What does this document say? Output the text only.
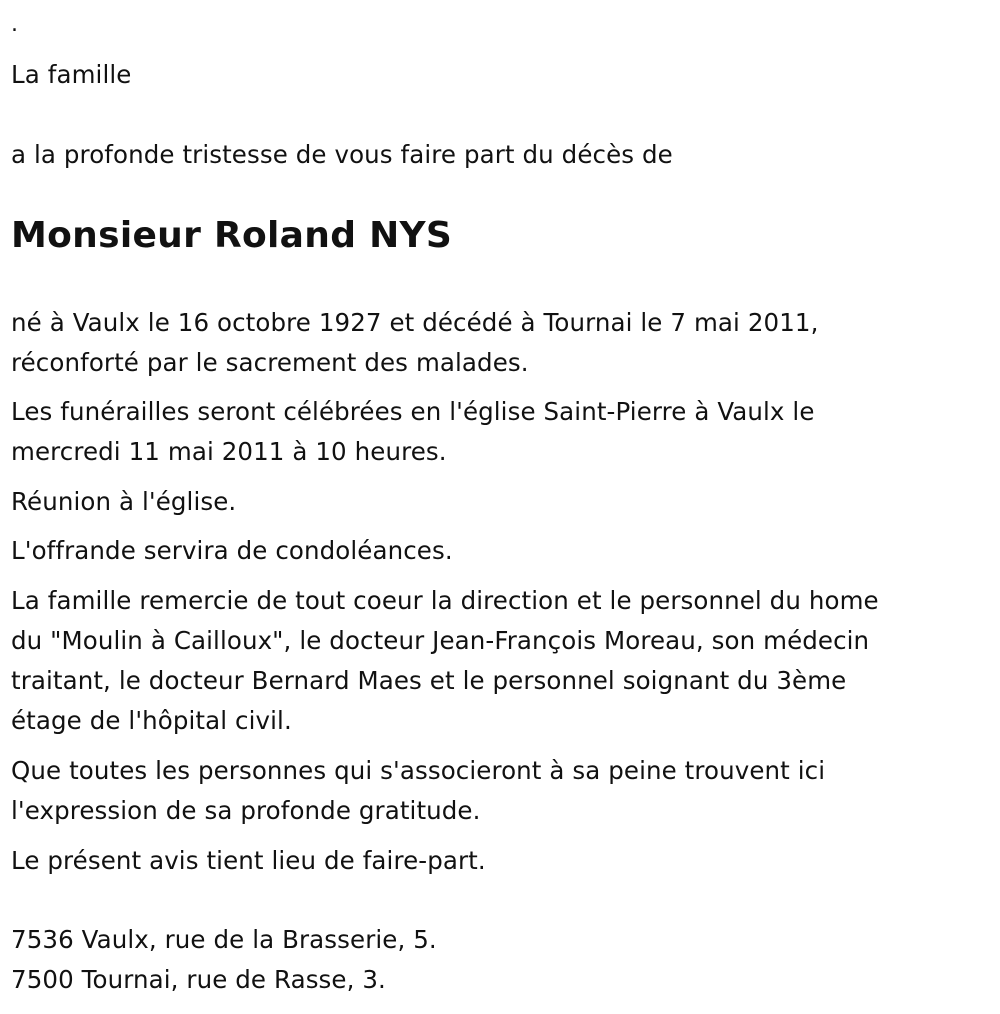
.
La famille
a la profonde tristesse de vous faire part du décès de
Monsieur Roland NYS
né à Vaulx le 16 octobre 1927 et décédé à Tournai le 7 mai 2011,
réconforté par le sacrement des malades.
Les funérailles seront célébrées en l'église Saint-Pierre à Vaulx le
mercredi 11 mai 2011 à 10 heures.
Réunion à l'église.
L'offrande servira de condoléances.
La famille remercie de tout coeur la direction et le personnel du home
du "Moulin à Cailloux", le docteur Jean-François Moreau, son médecin
traitant, le docteur Bernard Maes et le personnel soignant du 3ème
étage de l'hôpital civil.
Que toutes les personnes qui s'associeront à sa peine trouvent ici
l'expression de sa profonde gratitude.
Le présent avis tient lieu de faire-part.
7536 Vaulx, rue de la Brasserie, 5.
7500 Tournai, rue de Rasse, 3.
